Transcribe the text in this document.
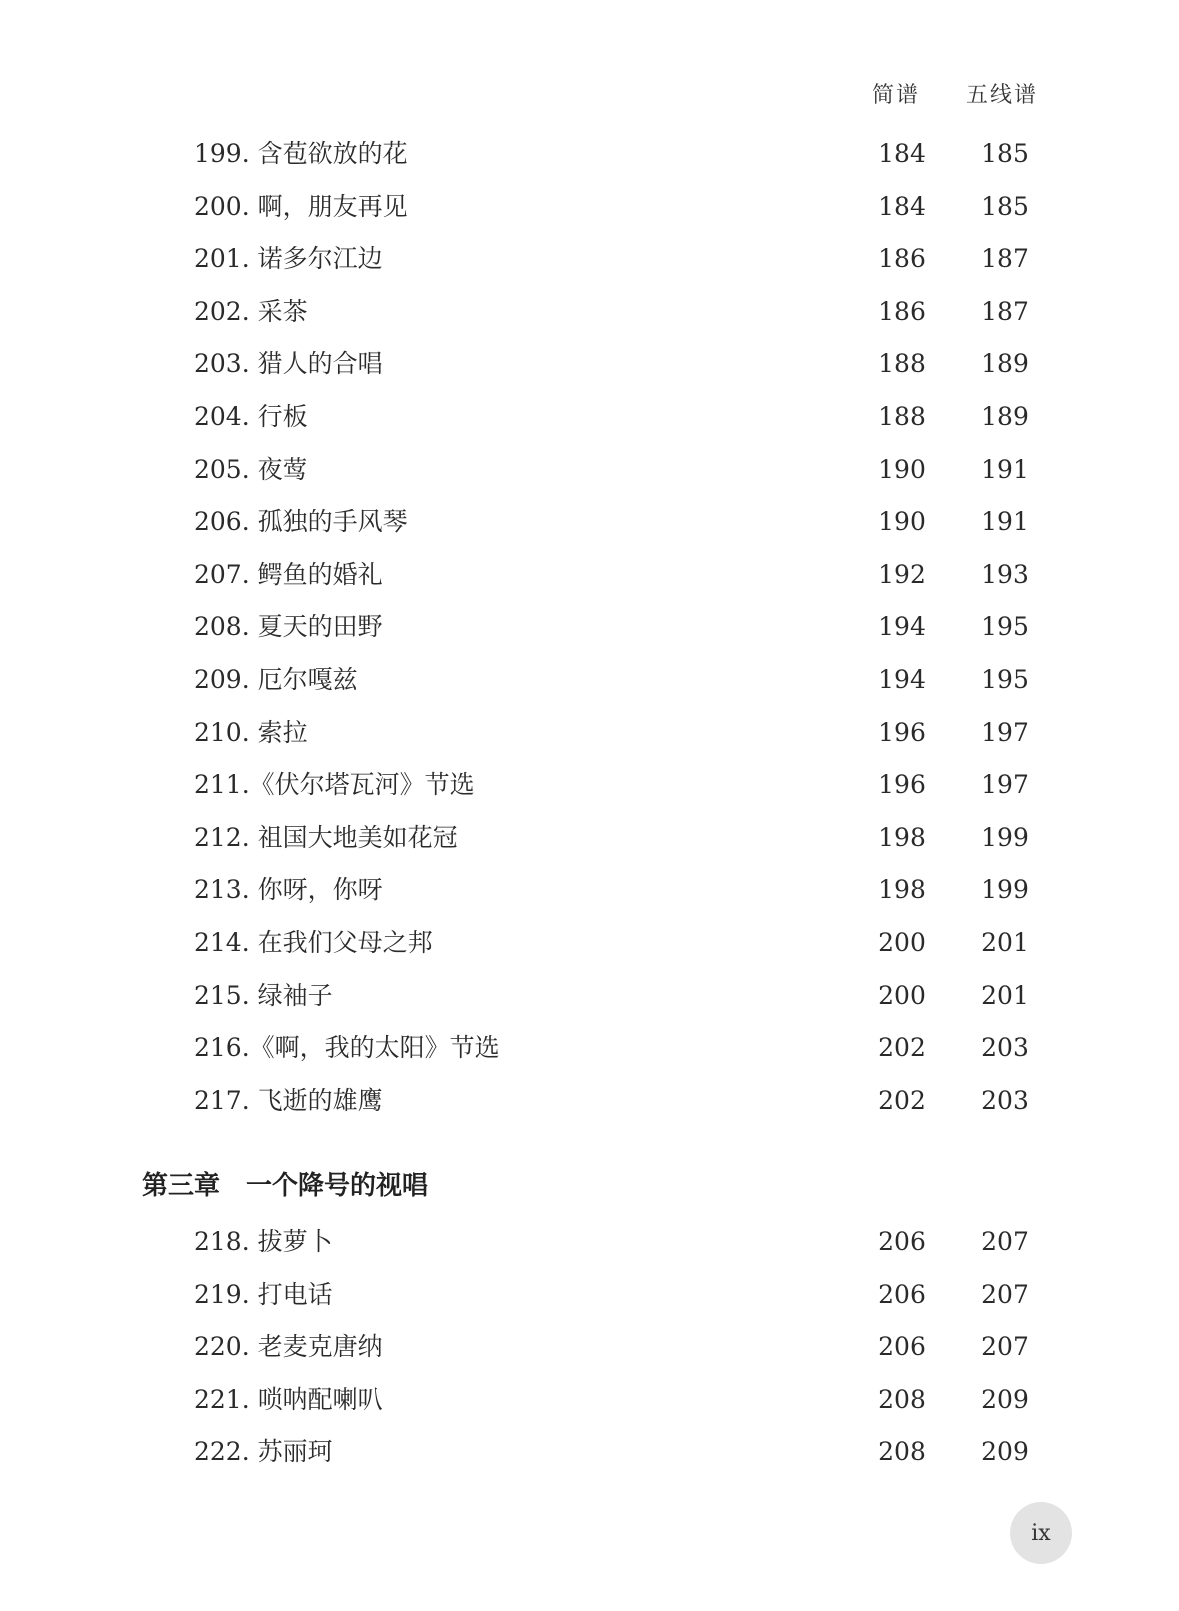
简谱 五线谱
199. 含苞欲放的花	184 185
200. 啊，朋友再见	184 185
201. 诺多尔江边	186 187
202. 采茶	186 187
203. 猎人的合唱	188 189
204. 行板	188 189
205. 夜莺	190 191
206. 孤独的手风琴	190 191
207. 鳄鱼的婚礼	192 193
208. 夏天的田野	194 195
209. 厄尔嘎兹	194 195
210. 索拉	196 197
211.《伏尔塔瓦河》节选	196 197
212. 祖国大地美如花冠	198 199
213. 你呀，你呀	198 199
214. 在我们父母之邦	200 201
215. 绿袖子	200 201
216.《啊，我的太阳》节选	202 203
217. 飞逝的雄鹰	202 203
第三章　一个降号的视唱
218. 拔萝卜	206 207
219. 打电话	206 207
220. 老麦克唐纳	206 207
221. 唢呐配喇叭	208 209
222. 苏丽珂	208 209
ix
